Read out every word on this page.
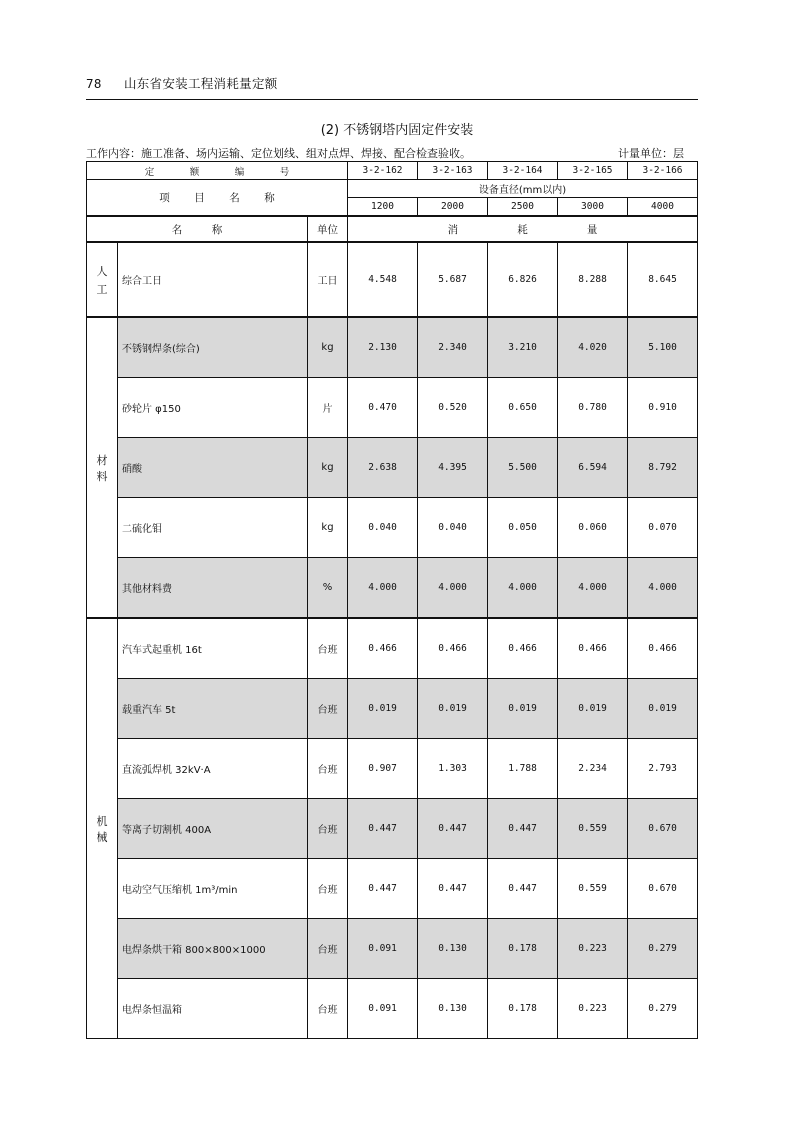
78 山东省安装工程消耗量定额
(2) 不锈钢塔内固定件安装
工作内容：施工准备、场内运输、定位划线、组对点焊、焊接、配合检查验收。	计量单位：层
定 额 编 号			3-2-162	3-2-163	3-2-164	3-2-165	3-2-166

项 目 名 称			设备直径(mm以内)				
			1200	2000	2500	3000	4000

名 称		单位	消 耗 量				

人
工	综合工日	工日	4.548	5.687	6.826	8.288	8.645

材
料	不锈钢焊条(综合)	kg	2.130	2.340	3.210	4.020	5.100
	砂轮片 φ150	片	0.470	0.520	0.650	0.780	0.910
	硝酸	kg	2.638	4.395	5.500	6.594	8.792
	二硫化钼	kg	0.040	0.040	0.050	0.060	0.070
	其他材料费	%	4.000	4.000	4.000	4.000	4.000

机
械	汽车式起重机 16t	台班	0.466	0.466	0.466	0.466	0.466
	载重汽车 5t	台班	0.019	0.019	0.019	0.019	0.019
	直流弧焊机 32kV·A	台班	0.907	1.303	1.788	2.234	2.793
	等离子切割机 400A	台班	0.447	0.447	0.447	0.559	0.670
	电动空气压缩机 1m³/min	台班	0.447	0.447	0.447	0.559	0.670
	电焊条烘干箱 800×800×1000	台班	0.091	0.130	0.178	0.223	0.279
	电焊条恒温箱	台班	0.091	0.130	0.178	0.223	0.279
